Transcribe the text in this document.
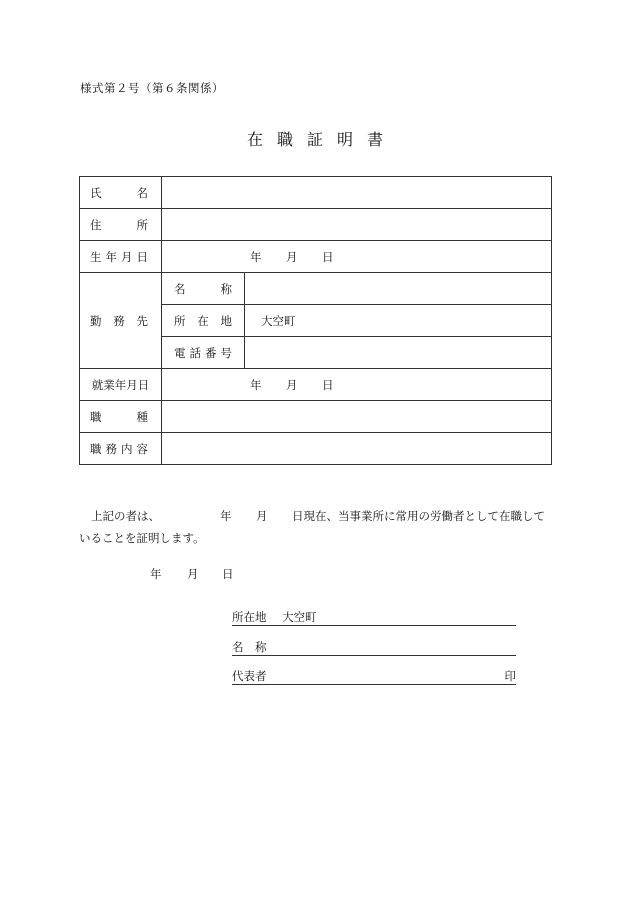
様式第２号（第６条関係）
在職証明書
氏 名		

住 所		

生 年 月 日	年 月 日	

勤 務 先	名 称	

	所 在 地	大空町

	電 話 番 号	

就業年月日	年 月 日	

職 種		

職 務 内 容		

上記の者は、	年 月 日現在、当事業所に常用の労働者として在職して
いることを証明します。
年 月 日
所在地 大空町
名　称
代表者	印
